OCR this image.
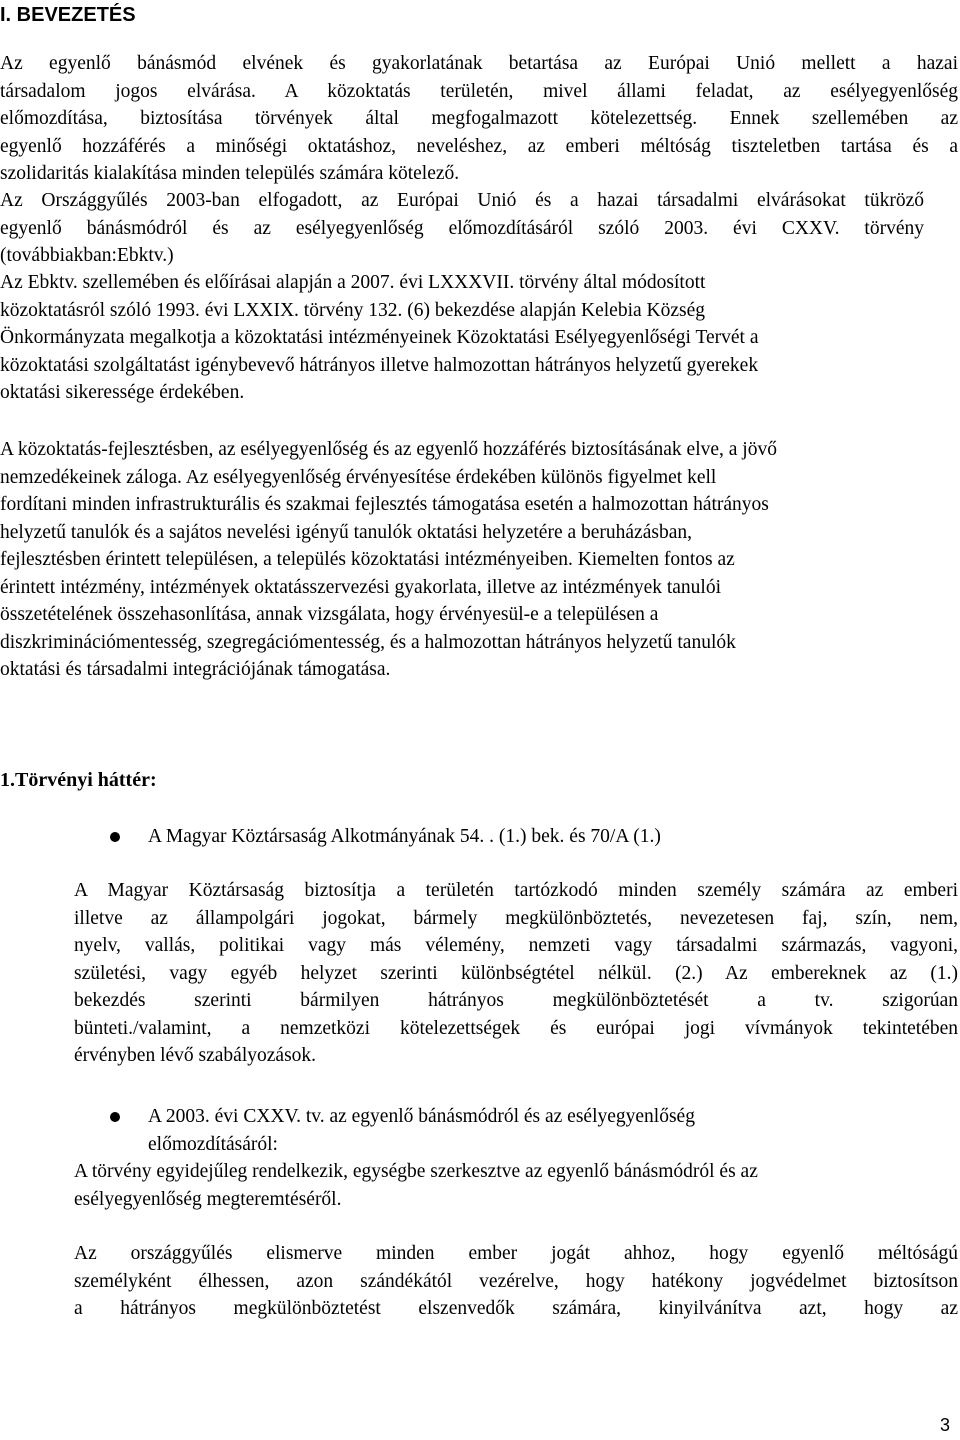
I. BEVEZETÉS
Az egyenlő bánásmód elvének és gyakorlatának betartása az Európai Unió mellett a hazai
társadalom jogos elvárása. A közoktatás területén, mivel állami feladat, az esélyegyenlőség
előmozdítása, biztosítása törvények által megfogalmazott kötelezettség. Ennek szellemében az
egyenlő hozzáférés a minőségi oktatáshoz, neveléshez, az emberi méltóság tiszteletben tartása és a
szolidaritás kialakítása minden település számára kötelező.
Az Országgyűlés 2003-ban elfogadott, az Európai Unió és a hazai társadalmi elvárásokat tükröző
egyenlő bánásmódról és az esélyegyenlőség előmozdításáról szóló 2003. évi CXXV. törvény
(továbbiakban:Ebktv.)
Az Ebktv. szellemében és előírásai alapján a 2007. évi LXXXVII. törvény által módosított
közoktatásról szóló 1993. évi LXXIX. törvény 132. (6) bekezdése alapján Kelebia Község
Önkormányzata megalkotja a közoktatási intézményeinek Közoktatási Esélyegyenlőségi Tervét a
közoktatási szolgáltatást igénybevevő hátrányos illetve halmozottan hátrányos helyzetű gyerekek
oktatási sikeressége érdekében.
A közoktatás-fejlesztésben, az esélyegyenlőség és az egyenlő hozzáférés biztosításának elve, a jövő
nemzedékeinek záloga. Az esélyegyenlőség érvényesítése érdekében különös figyelmet kell
fordítani minden infrastrukturális és szakmai fejlesztés támogatása esetén a halmozottan hátrányos
helyzetű tanulók és a sajátos nevelési igényű tanulók oktatási helyzetére a beruházásban,
fejlesztésben érintett településen, a település közoktatási intézményeiben. Kiemelten fontos az
érintett intézmény, intézmények oktatásszervezési gyakorlata, illetve az intézmények tanulói
összetételének összehasonlítása, annak vizsgálata, hogy érvényesül-e a településen a
diszkriminációmentesség, szegregációmentesség, és a halmozottan hátrányos helyzetű tanulók
oktatási és társadalmi integrációjának támogatása.
1.Törvényi háttér:
A Magyar Köztársaság Alkotmányának 54. . (1.) bek. és 70/A (1.)
A Magyar Köztársaság biztosítja a területén tartózkodó minden személy számára az emberi
illetve az állampolgári jogokat, bármely megkülönböztetés, nevezetesen faj, szín, nem,
nyelv, vallás, politikai vagy más vélemény, nemzeti vagy társadalmi származás, vagyoni,
születési, vagy egyéb helyzet szerinti különbségtétel nélkül. (2.) Az embereknek az (1.)
bekezdés szerinti bármilyen hátrányos megkülönböztetését a tv. szigorúan
bünteti./valamint, a nemzetközi kötelezettségek és európai jogi vívmányok tekintetében
érvényben lévő szabályozások.
A 2003. évi CXXV. tv. az egyenlő bánásmódról és az esélyegyenlőség
előmozdításáról:
A törvény egyidejűleg rendelkezik, egységbe szerkesztve az egyenlő bánásmódról és az
esélyegyenlőség megteremtéséről.
Az országgyűlés elismerve minden ember jogát ahhoz, hogy egyenlő méltóságú
személyként élhessen, azon szándékától vezérelve, hogy hatékony jogvédelmet biztosítson
a hátrányos megkülönböztetést elszenvedők számára, kinyilvánítva azt, hogy az
3
